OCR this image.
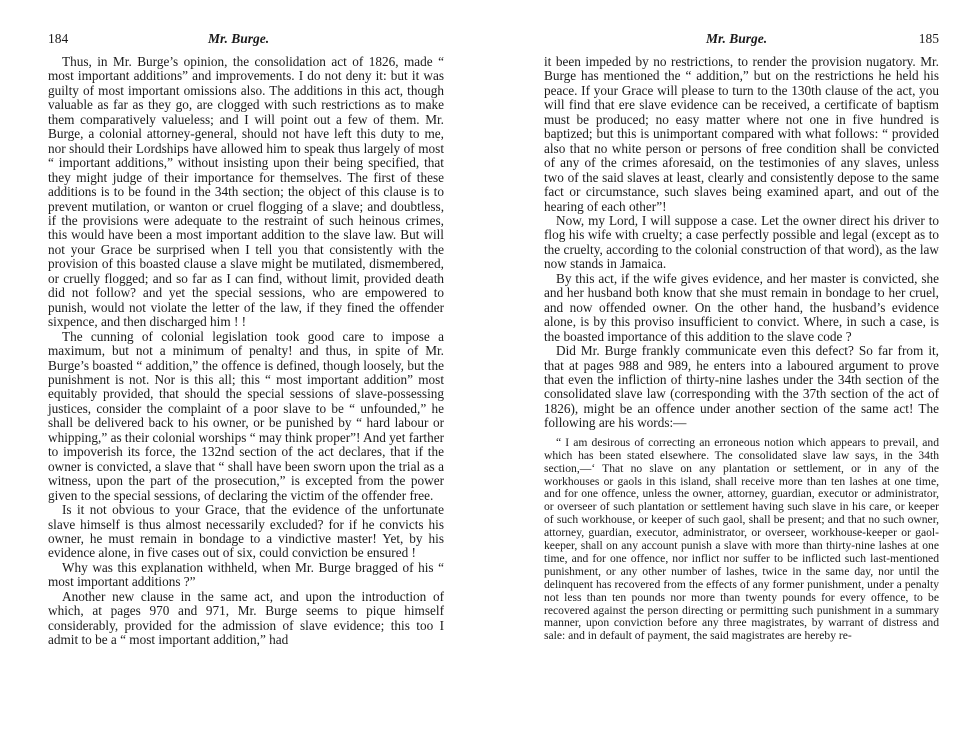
184	Mr. Burge.

Thus, in Mr. Burge’s opinion, the consolidation act of 1826, made “ most important additions” and improvements. I do not deny it: but it was guilty of most important omissions also. The additions in this act, though valuable as far as they go, are clogged with such restrictions as to make them comparatively valueless; and I will point out a few of them. Mr. Burge, a colonial attorney-general, should not have left this duty to me, nor should their Lordships have allowed him to speak thus largely of most “ important additions,” without insisting upon their being specified, that they might judge of their importance for themselves. The first of these additions is to be found in the 34th section; the object of this clause is to prevent mutilation, or wanton or cruel flogging of a slave; and doubtless, if the provisions were adequate to the restraint of such heinous crimes, this would have been a most important addition to the slave law. But will not your Grace be surprised when I tell you that consistently with the provision of this boasted clause a slave might be mutilated, dismembered, or cruelly flogged; and so far as I can find, without limit, provided death did not follow? and yet the special sessions, who are empowered to punish, would not violate the letter of the law, if they fined the offender sixpence, and then discharged him ! !

The cunning of colonial legislation took good care to impose a maximum, but not a minimum of penalty! and thus, in spite of Mr. Burge’s boasted “ addition,” the offence is defined, though loosely, but the punishment is not. Nor is this all; this “ most important addition” most equitably provided, that should the special sessions of slave-possessing justices, consider the complaint of a poor slave to be “ unfounded,” he shall be delivered back to his owner, or be punished by “ hard labour or whipping,” as their colonial worships “ may think proper”! And yet farther to impoverish its force, the 132nd section of the act declares, that if the owner is convicted, a slave that “ shall have been sworn upon the trial as a witness, upon the part of the prosecution,” is excepted from the power given to the special sessions, of declaring the victim of the offender free.

Is it not obvious to your Grace, that the evidence of the unfortunate slave himself is thus almost necessarily excluded? for if he convicts his owner, he must remain in bondage to a vindictive master! Yet, by his evidence alone, in five cases out of six, could conviction be ensured !

Why was this explanation withheld, when Mr. Burge bragged of his “ most important additions ?”

Another new clause in the same act, and upon the introduction of which, at pages 970 and 971, Mr. Burge seems to pique himself considerably, provided for the admission of slave evidence; this too I admit to be a “ most important addition,” had

Mr. Burge.	185

it been impeded by no restrictions, to render the provision nugatory. Mr. Burge has mentioned the “ addition,” but on the restrictions he held his peace. If your Grace will please to turn to the 130th clause of the act, you will find that ere slave evidence can be received, a certificate of baptism must be produced; no easy matter where not one in five hundred is baptized; but this is unimportant compared with what follows: “ provided also that no white person or persons of free condition shall be convicted of any of the crimes aforesaid, on the testimonies of any slaves, unless two of the said slaves at least, clearly and consistently depose to the same fact or circumstance, such slaves being examined apart, and out of the hearing of each other”!

Now, my Lord, I will suppose a case. Let the owner direct his driver to flog his wife with cruelty; a case perfectly possible and legal (except as to the cruelty, according to the colonial construction of that word), as the law now stands in Jamaica.

By this act, if the wife gives evidence, and her master is convicted, she and her husband both know that she must remain in bondage to her cruel, and now offended owner. On the other hand, the husband’s evidence alone, is by this proviso insufficient to convict. Where, in such a case, is the boasted importance of this addition to the slave code ?

Did Mr. Burge frankly communicate even this defect? So far from it, that at pages 988 and 989, he enters into a laboured argument to prove that even the infliction of thirty-nine lashes under the 34th section of the consolidated slave law (corresponding with the 37th section of the act of 1826), might be an offence under another section of the same act! The following are his words:—

“ I am desirous of correcting an erroneous notion which appears to prevail, and which has been stated elsewhere. The consolidated slave law says, in the 34th section,—‘ That no slave on any plantation or settlement, or in any of the workhouses or gaols in this island, shall receive more than ten lashes at one time, and for one offence, unless the owner, attorney, guardian, executor or administrator, or overseer of such plantation or settlement having such slave in his care, or keeper of such workhouse, or keeper of such gaol, shall be present; and that no such owner, attorney, guardian, executor, administrator, or overseer, workhouse-keeper or gaol-keeper, shall on any account punish a slave with more than thirty-nine lashes at one time, and for one offence, nor inflict nor suffer to be inflicted such last-mentioned punishment, or any other number of lashes, twice in the same day, nor until the delinquent has recovered from the effects of any former punishment, under a penalty not less than ten pounds nor more than twenty pounds for every offence, to be recovered against the person directing or permitting such punishment in a summary manner, upon conviction before any three magistrates, by warrant of distress and sale: and in default of payment, the said magistrates are hereby re-
